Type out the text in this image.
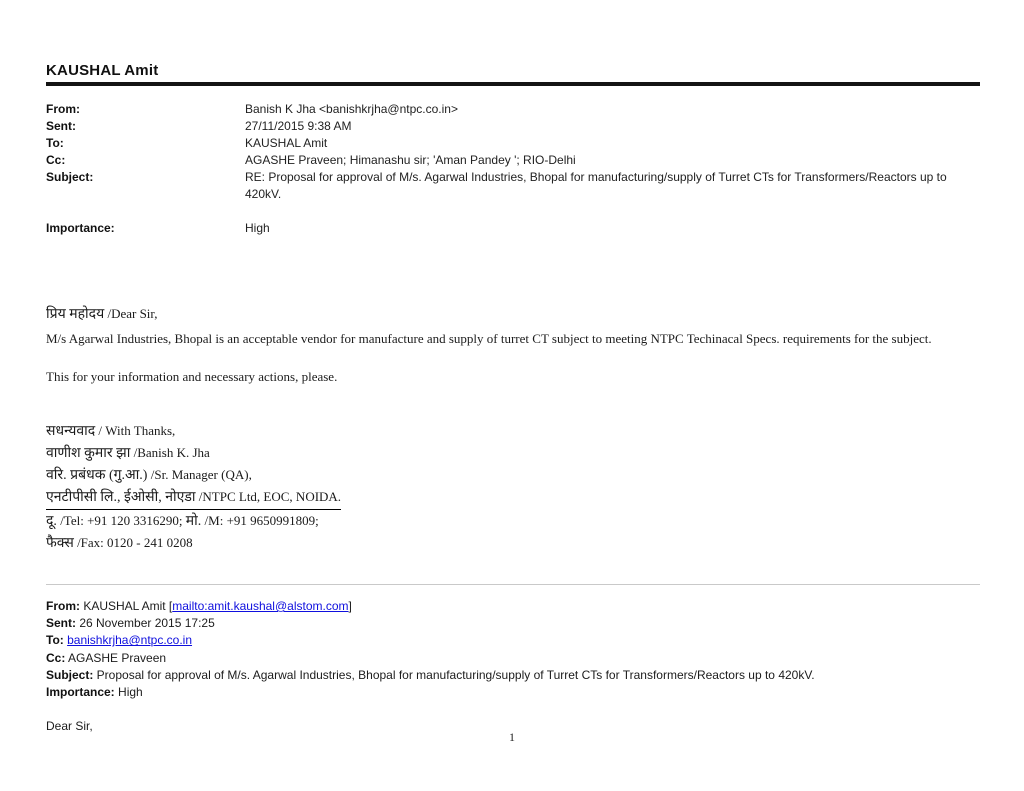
KAUSHAL Amit
From:	Banish K Jha <banishkrjha@ntpc.co.in>
Sent:	27/11/2015 9:38 AM
To:	KAUSHAL Amit
Cc:	AGASHE Praveen; Himanashu sir; 'Aman Pandey '; RIO-Delhi
Subject:	RE: Proposal for approval of M/s. Agarwal Industries, Bhopal for manufacturing/supply of Turret CTs for Transformers/Reactors up to 420kV.
Importance:	High
प्रिय महोदय /Dear Sir,
M/s Agarwal Industries, Bhopal is an acceptable vendor for manufacture and supply of turret CT subject to meeting NTPC Techinacal Specs. requirements for the subject.
This for your information and necessary actions, please.
सधन्यवाद / With Thanks,
वाणीश कुमार झा /Banish K. Jha
वरि. प्रबंधक (गु.आ.) /Sr. Manager (QA),
एनटीपीसी लि., ईओसी, नोएडा /NTPC Ltd, EOC, NOIDA.
दू. /Tel: +91 120 3316290; मो. /M: +91 9650991809;
फैक्स /Fax: 0120 - 241 0208
From: KAUSHAL Amit [mailto:amit.kaushal@alstom.com]
Sent: 26 November 2015 17:25
To: banishkrjha@ntpc.co.in
Cc: AGASHE Praveen
Subject: Proposal for approval of M/s. Agarwal Industries, Bhopal for manufacturing/supply of Turret CTs for Transformers/Reactors up to 420kV.
Importance: High
Dear Sir,
1
